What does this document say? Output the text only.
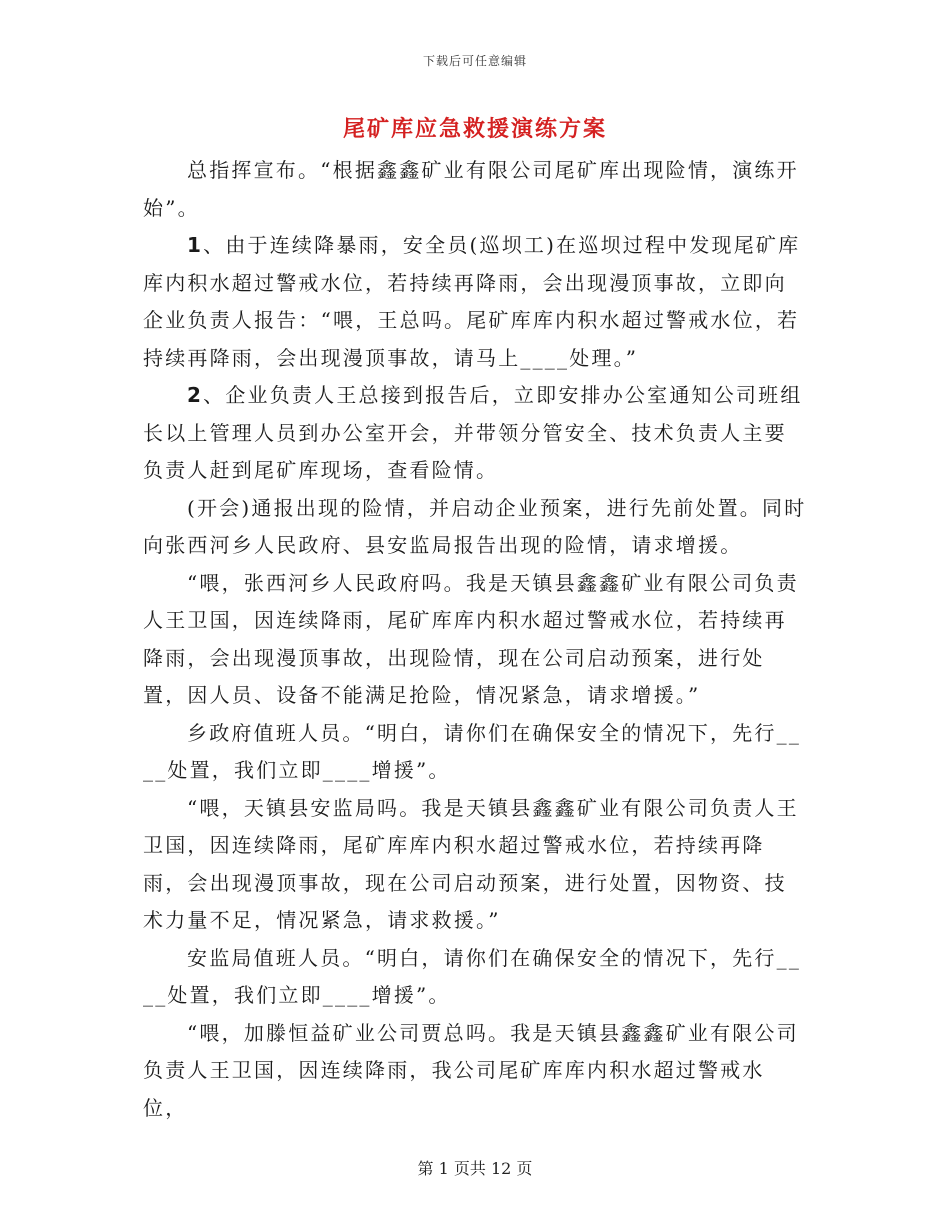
下载后可任意编辑
尾矿库应急救援演练方案

总指挥宣布。“根据鑫鑫矿业有限公司尾矿库出现险情，演练开始”。

1、由于连续降暴雨，安全员(巡坝工)在巡坝过程中发现尾矿库库内积水超过警戒水位，若持续再降雨，会出现漫顶事故，立即向企业负责人报告：“喂，王总吗。尾矿库库内积水超过警戒水位，若持续再降雨，会出现漫顶事故，请马上____处理。”

2、企业负责人王总接到报告后，立即安排办公室通知公司班组长以上管理人员到办公室开会，并带领分管安全、技术负责人主要负责人赶到尾矿库现场，查看险情。

(开会)通报出现的险情，并启动企业预案，进行先前处置。同时向张西河乡人民政府、县安监局报告出现的险情，请求增援。

“喂，张西河乡人民政府吗。我是天镇县鑫鑫矿业有限公司负责人王卫国，因连续降雨，尾矿库库内积水超过警戒水位，若持续再降雨，会出现漫顶事故，出现险情，现在公司启动预案，进行处置，因人员、设备不能满足抢险，情况紧急，请求增援。”

乡政府值班人员。“明白，请你们在确保安全的情况下，先行____处置，我们立即____增援”。

“喂，天镇县安监局吗。我是天镇县鑫鑫矿业有限公司负责人王卫国，因连续降雨，尾矿库库内积水超过警戒水位，若持续再降雨，会出现漫顶事故，现在公司启动预案，进行处置，因物资、技术力量不足，情况紧急，请求救援。”

安监局值班人员。“明白，请你们在确保安全的情况下，先行____处置，我们立即____增援”。

“喂，加滕恒益矿业公司贾总吗。我是天镇县鑫鑫矿业有限公司负责人王卫国，因连续降雨，我公司尾矿库库内积水超过警戒水位，

第 1 页共 12 页
